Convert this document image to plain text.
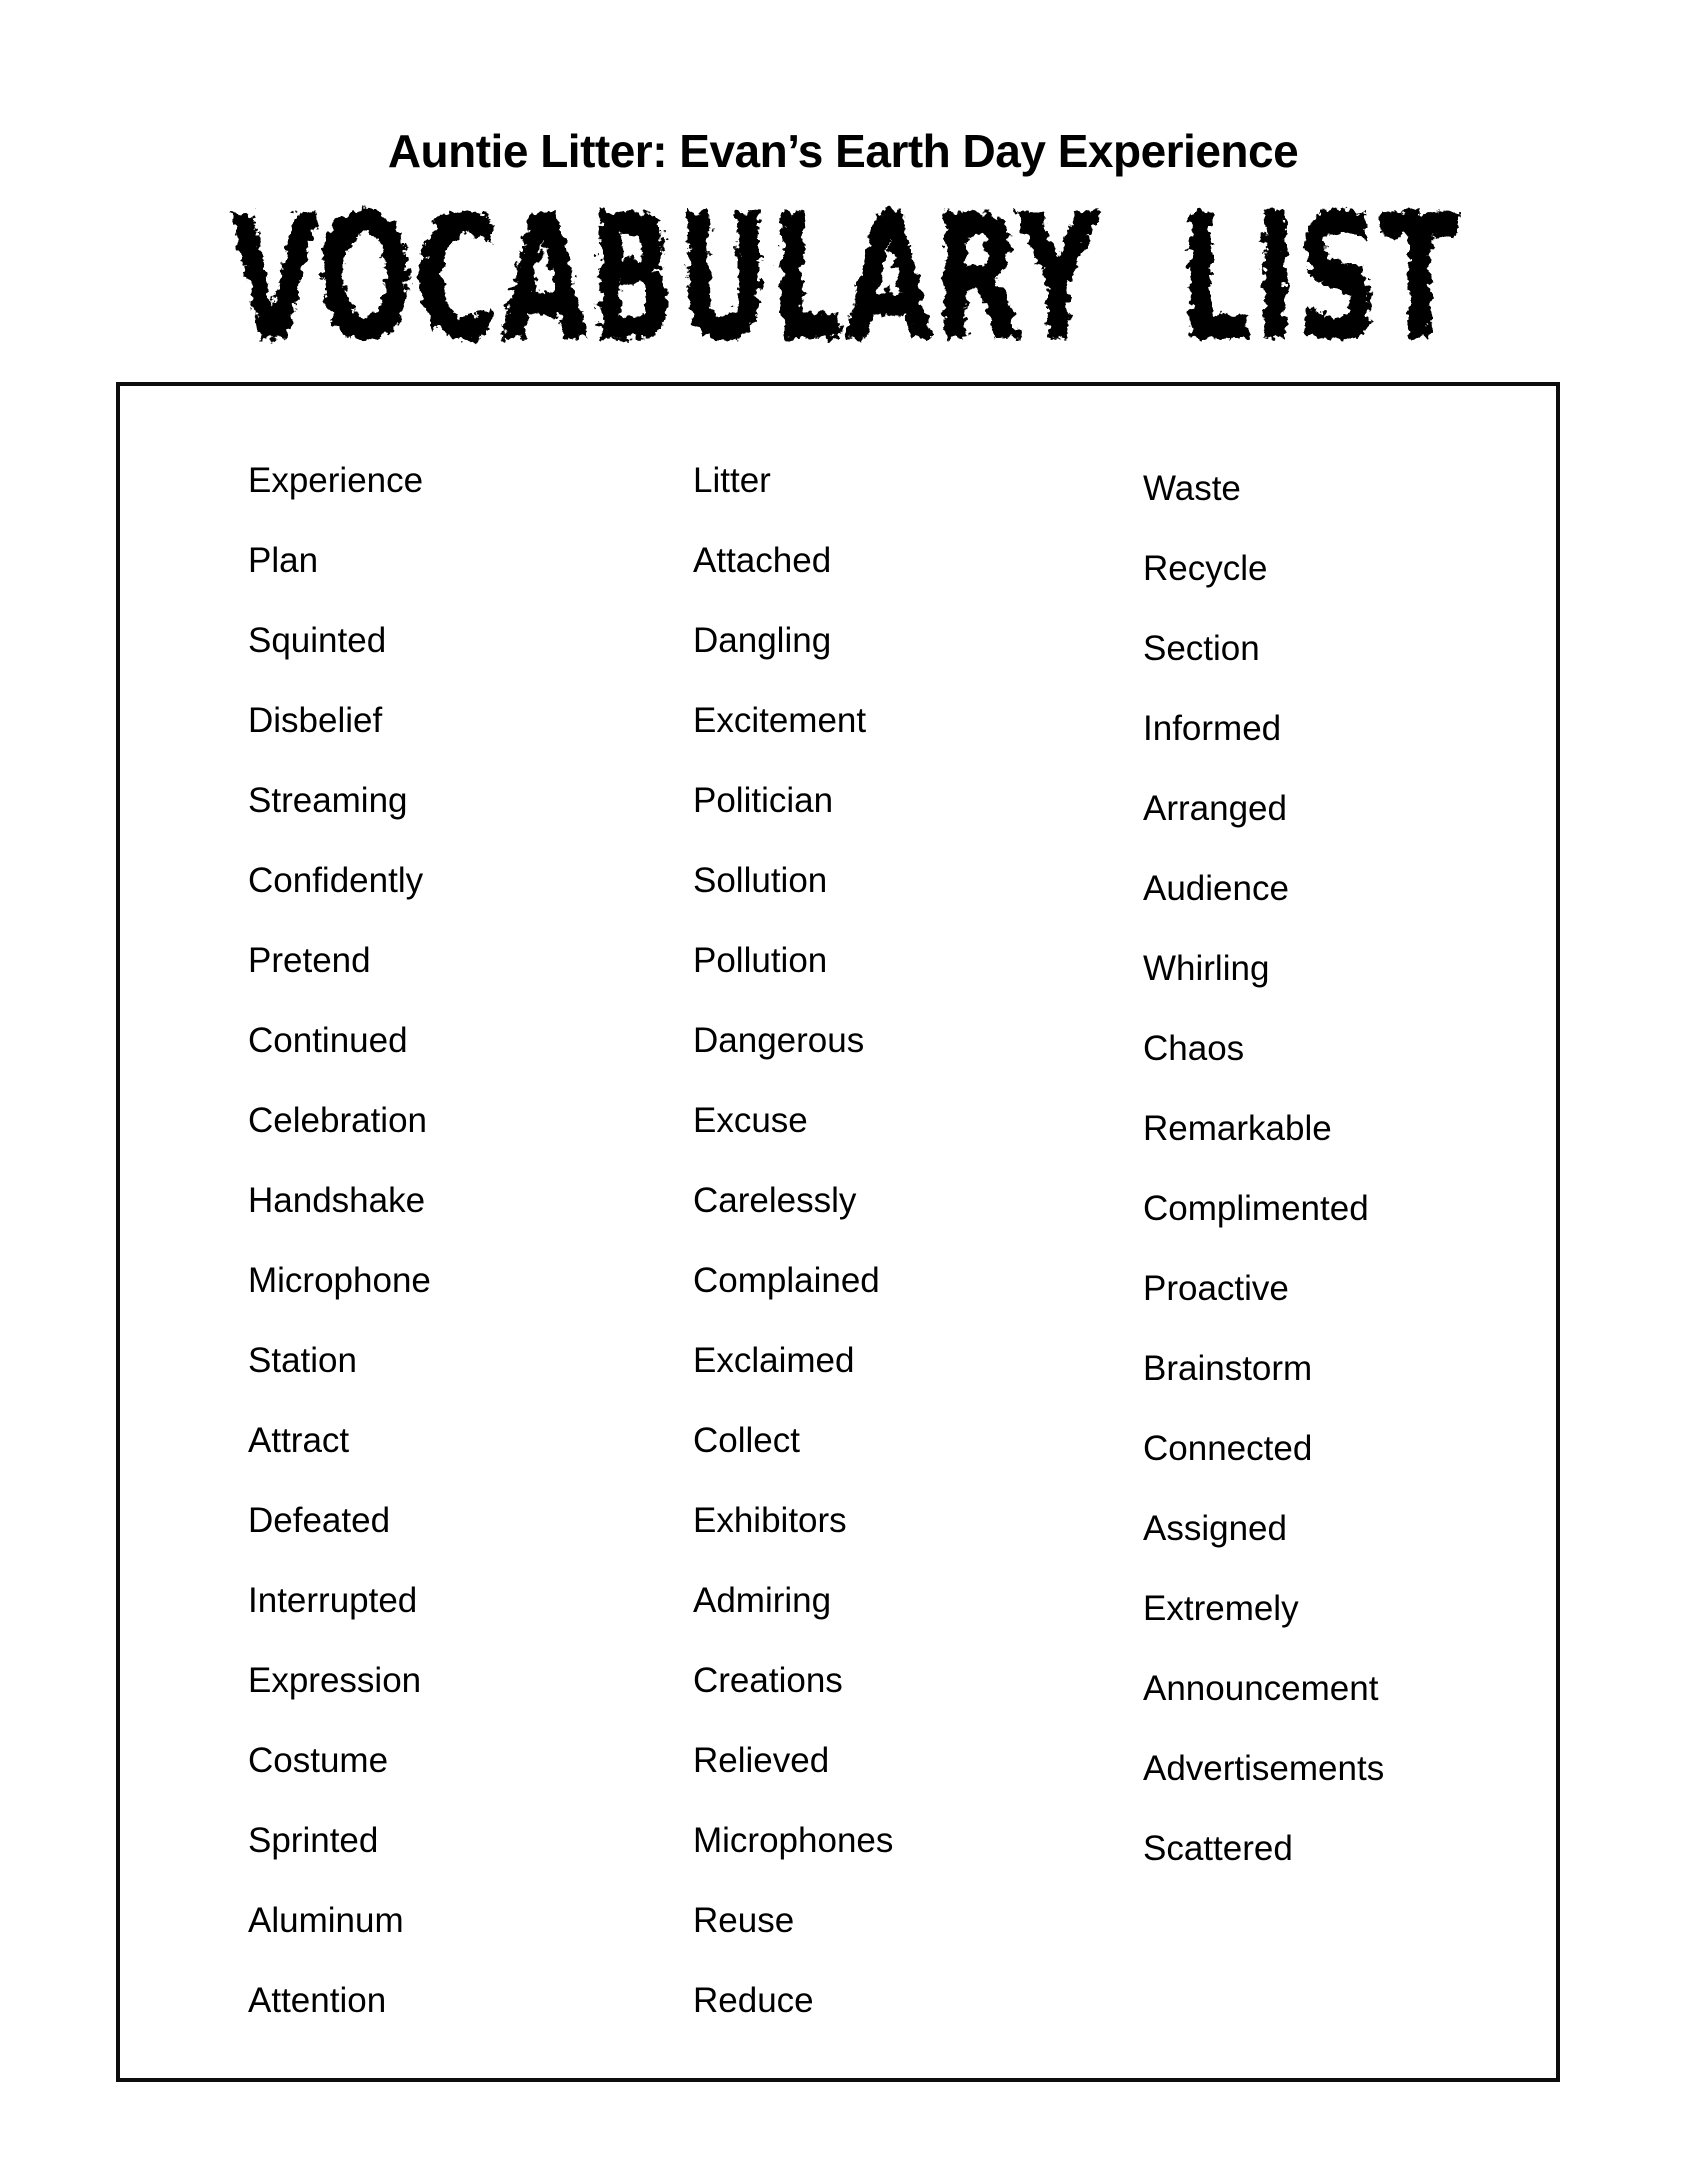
Auntie Litter: Evan’s Earth Day Experience
VOCABULARY LIST
Experience
Plan
Squinted
Disbelief
Streaming
Confidently
Pretend
Continued
Celebration
Handshake
Microphone
Station
Attract
Defeated
Interrupted
Expression
Costume
Sprinted
Aluminum
Attention
Litter
Attached
Dangling
Excitement
Politician
Sollution
Pollution
Dangerous
Excuse
Carelessly
Complained
Exclaimed
Collect
Exhibitors
Admiring
Creations
Relieved
Microphones
Reuse
Reduce
Waste
Recycle
Section
Informed
Arranged
Audience
Whirling
Chaos
Remarkable
Complimented
Proactive
Brainstorm
Connected
Assigned
Extremely
Announcement
Advertisements
Scattered
